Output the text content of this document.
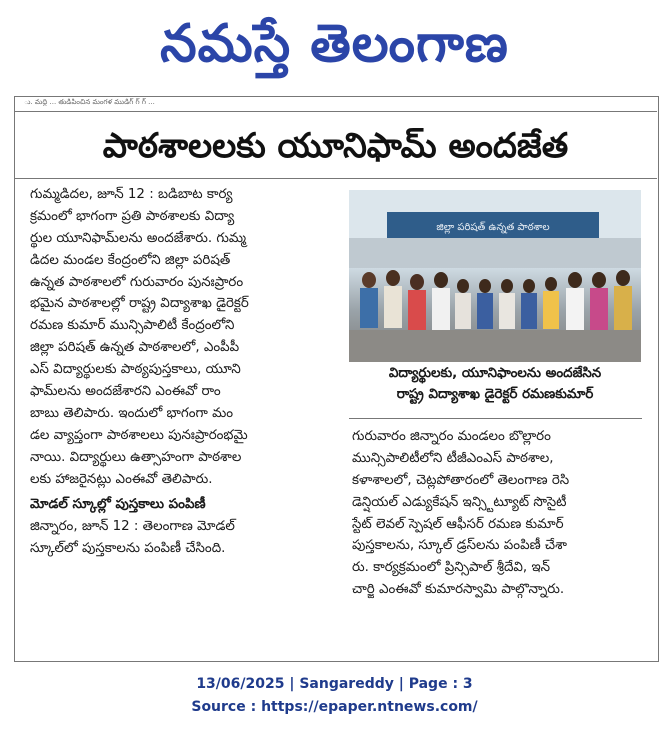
నమస్తే తెలంగాణ
ు. మద్ది ... తుడిపించిన మంగళ ముడిగ్ గ్ గ్ ...
పాఠశాలలకు యూనిఫామ్ అందజేత
గుమ్మడిదల, జూన్ 12 : బడిబాట కార్య
క్రమంలో భాగంగా ప్రతి పాఠశాలకు విద్యా
ర్థుల యూనిఫామ్‌లను అందజేశారు. గుమ్మ
డిదల మండల కేంద్రంలోని జిల్లా పరిషత్
ఉన్నత పాఠశాలలో గురువారం పునఃప్రారం
భమైన పాఠశాలల్లో రాష్ట్ర విద్యాశాఖ డైరెక్టర్
రమణ కుమార్ మున్సిపాలిటీ కేంద్రంలోని
జిల్లా పరిషత్ ఉన్నత పాఠశాలలో, ఎంపీపీ
ఎస్ విద్యార్థులకు పాఠ్యపుస్తకాలు, యూని
ఫామ్‌లను అందజేశారని ఎంఈవో రాం
బాబు తెలిపారు. ఇందులో భాగంగా మం
డల వ్యాప్తంగా పాఠశాలలు పునఃప్రారంభమై
నాయి. విద్యార్థులు ఉత్సాహంగా పాఠశాల
లకు హాజరైనట్లు ఎంఈవో తెలిపారు.
మోడల్ స్కూల్లో పుస్తకాలు పంపిణీ
జిన్నారం, జూన్ 12 : తెలంగాణ మోడల్
స్కూల్‌లో పుస్తకాలను పంపిణీ చేసింది.
జిల్లా పరిషత్ ఉన్నత పాఠశాల
విద్యార్థులకు, యూనిఫాంలను అందజేసిన
రాష్ట్ర విద్యాశాఖ డైరెక్టర్ రమణకుమార్
గురువారం జిన్నారం మండలం బొల్లారం
మున్సిపాలిటీలోని టీజీఎంఎస్ పాఠశాల,
కళాశాలలో, చెట్లపోతారంలో తెలంగాణ రెసి
డెన్షియల్ ఎడ్యుకేషన్ ఇన్స్టిట్యూట్ సొసైటీ
స్టేట్ లెవల్ స్పెషల్ ఆఫీసర్ రమణ కుమార్
పుస్తకాలను, స్కూల్ డ్రస్‌లను పంపిణీ చేశా
రు. కార్యక్రమంలో ప్రిన్సిపాల్ శ్రీదేవి, ఇన్
చార్జి ఎంఈవో కుమారస్వామి పాల్గొన్నారు.
13/06/2025 | Sangareddy | Page : 3
Source : https://epaper.ntnews.com/
